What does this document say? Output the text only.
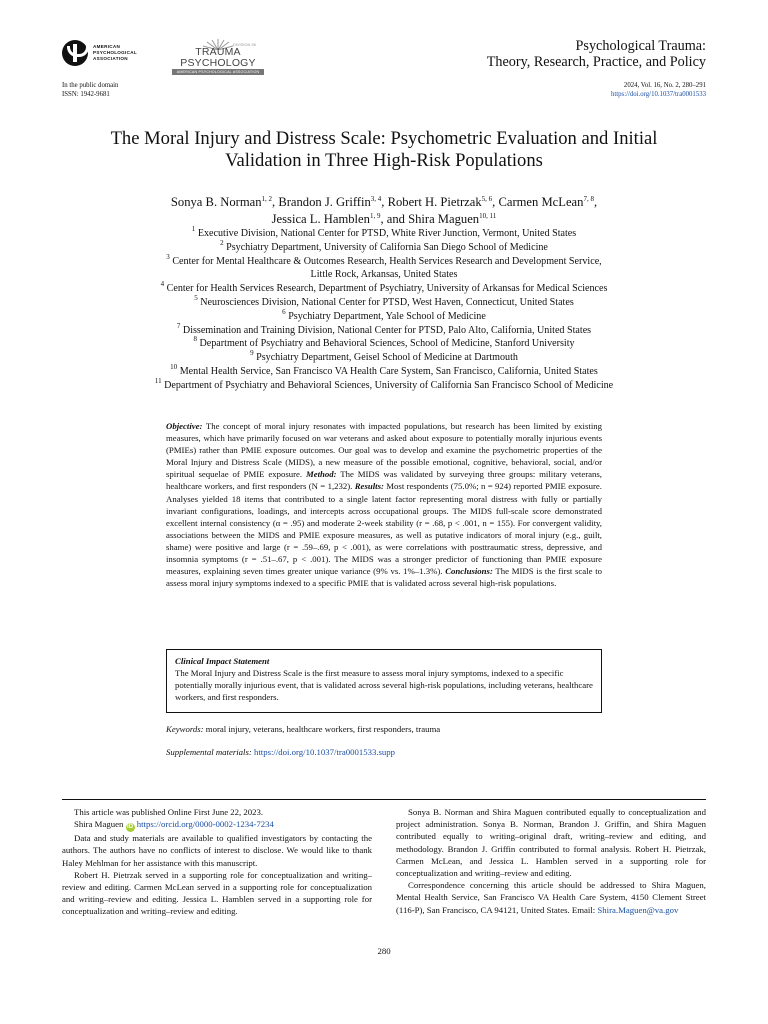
AMERICAN
PSYCHOLOGICAL
ASSOCIATION
DIVISION 56
TRAUMA PSYCHOLOGY
AMERICAN PSYCHOLOGICAL ASSOCIATION
Psychological Trauma:
Theory, Research, Practice, and Policy
In the public domain
ISSN: 1942-9681
2024, Vol. 16, No. 2, 280–291
https://doi.org/10.1037/tra0001533
The Moral Injury and Distress Scale: Psychometric Evaluation and Initial
Validation in Three High-Risk Populations
Sonya B. Norman$^{1, 2}$, Brandon J. Griffin$^{3, 4}$, Robert H. Pietrzak$^{5, 6}$, Carmen McLean$^{7, 8}$,
Jessica L. Hamblen$^{1, 9}$, and Shira Maguen$^{10, 11}$
$^1$ Executive Division, National Center for PTSD, White River Junction, Vermont, United States
$^2$ Psychiatry Department, University of California San Diego School of Medicine
$^3$ Center for Mental Healthcare & Outcomes Research, Health Services Research and Development Service,
Little Rock, Arkansas, United States
$^4$ Center for Health Services Research, Department of Psychiatry, University of Arkansas for Medical Sciences
$^5$ Neurosciences Division, National Center for PTSD, West Haven, Connecticut, United States
$^6$ Psychiatry Department, Yale School of Medicine
$^7$ Dissemination and Training Division, National Center for PTSD, Palo Alto, California, United States
$^8$ Department of Psychiatry and Behavioral Sciences, School of Medicine, Stanford University
$^9$ Psychiatry Department, Geisel School of Medicine at Dartmouth
$^{10}$ Mental Health Service, San Francisco VA Health Care System, San Francisco, California, United States
$^{11}$ Department of Psychiatry and Behavioral Sciences, University of California San Francisco School of Medicine
Objective: The concept of moral injury resonates with impacted populations, but research has been limited by existing measures, which have primarily focused on war veterans and asked about exposure to potentially morally injurious events (PMIEs) rather than PMIE exposure outcomes. Our goal was to develop and examine the psychometric properties of the Moral Injury and Distress Scale (MIDS), a new measure of the possible emotional, cognitive, behavioral, social, and/or spiritual sequelae of PMIE exposure. Method: The MIDS was validated by surveying three groups: military veterans, healthcare workers, and first responders (N = 1,232). Results: Most respondents (75.0%; n = 924) reported PMIE exposure. Analyses yielded 18 items that contributed to a single latent factor representing moral distress with fully or partially invariant configurations, loadings, and intercepts across occupational groups. The MIDS full-scale score demonstrated excellent internal consistency (α = .95) and moderate 2-week stability (r = .68, p < .001, n = 155). For convergent validity, associations between the MIDS and PMIE exposure measures, as well as putative indicators of moral injury (e.g., guilt, shame) were positive and large (r = .59–.69, p < .001), as were correlations with posttraumatic stress, depressive, and insomnia symptoms (r = .51–.67, p < .001). The MIDS was a stronger predictor of functioning than PMIE exposure measures, explaining seven times greater unique variance (9% vs. 1%–1.3%). Conclusions: The MIDS is the first scale to assess moral injury symptoms indexed to a specific PMIE that is validated across several high-risk populations.
Clinical Impact Statement
The Moral Injury and Distress Scale is the first measure to assess moral injury symptoms, indexed to a specific potentially morally injurious event, that is validated across several high-risk populations, including veterans, healthcare workers, and first responders.
Keywords: moral injury, veterans, healthcare workers, first responders, trauma
Supplemental materials: https://doi.org/10.1037/tra0001533.supp

This article was published Online First June 22, 2023.

Shira Maguen iD https://orcid.org/0000-0002-1234-7234

Data and study materials are available to qualified investigators by contacting the authors. The authors have no conflicts of interest to disclose. We would like to thank Haley Mehlman for her assistance with this manuscript.

Robert H. Pietrzak served in a supporting role for conceptualization and writing–review and editing. Carmen McLean served in a supporting role for conceptualization and writing–review and editing. Jessica L. Hamblen served in a supporting role for conceptualization and writing–review and editing.

Sonya B. Norman and Shira Maguen contributed equally to conceptualization and project administration. Sonya B. Norman, Brandon J. Griffin, and Shira Maguen contributed equally to writing–original draft, writing–review and editing, and methodology. Brandon J. Griffin contributed to formal analysis. Robert H. Pietrzak, Carmen McLean, and Jessica L. Hamblen served in a supporting role for conceptualization and writing–review and editing.

Correspondence concerning this article should be addressed to Shira Maguen, Mental Health Service, San Francisco VA Health Care System, 4150 Clement Street (116-P), San Francisco, CA 94121, United States. Email: Shira.Maguen@va.gov

280
